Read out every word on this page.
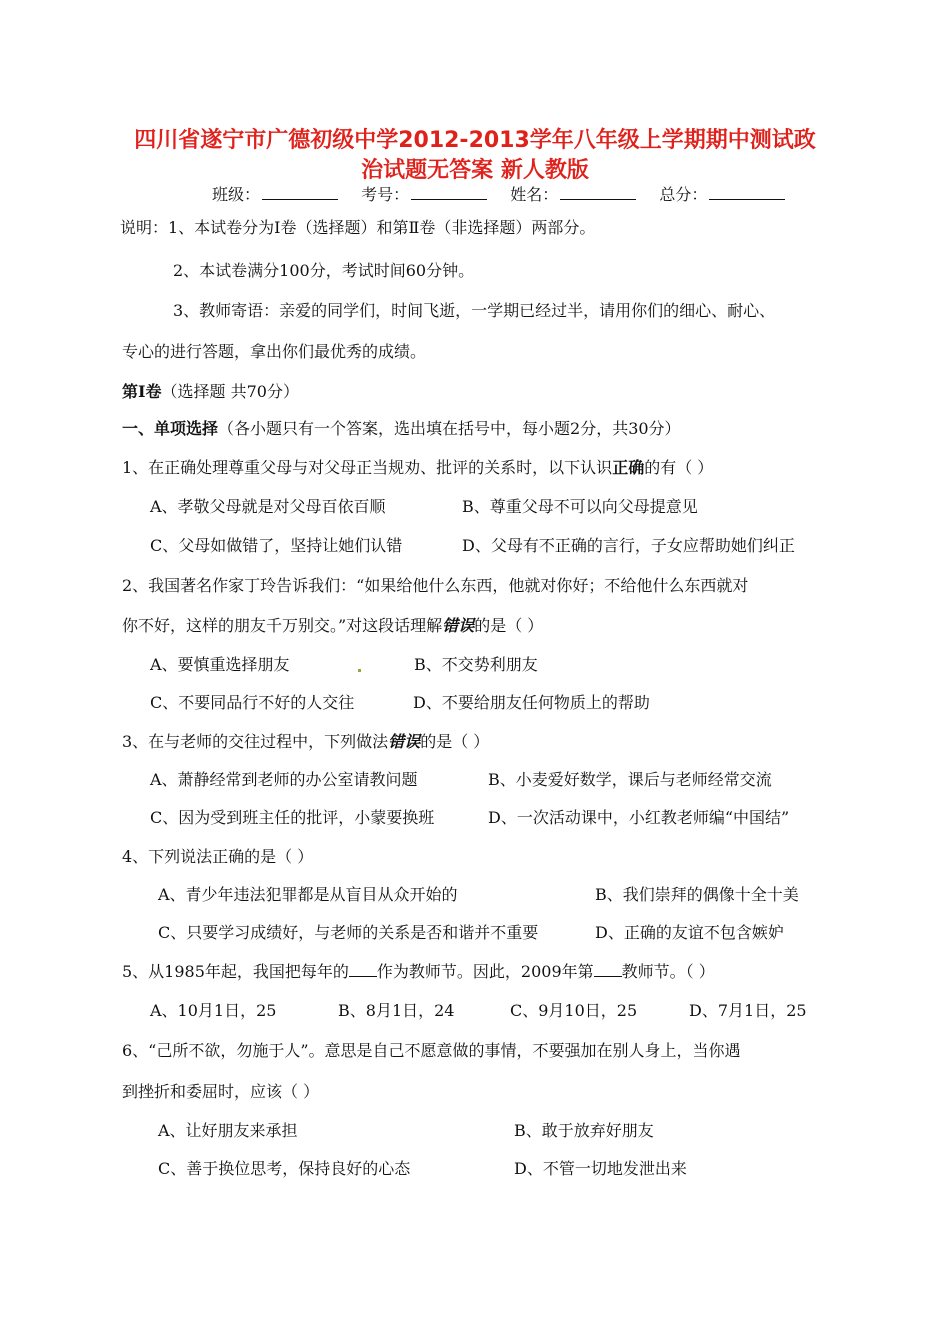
四川省遂宁市广德初级中学2012-2013学年八年级上学期期中测试政
治试题无答案 新人教版
班级：	考号：	姓名：	总分：
说明：1、本试卷分为Ⅰ卷（选择题）和第Ⅱ卷（非选择题）两部分。
2、本试卷满分100分，考试时间60分钟。
3、教师寄语：亲爱的同学们，时间飞逝，一学期已经过半，请用你们的细心、耐心、
专心的进行答题，拿出你们最优秀的成绩。
第Ⅰ卷（选择题 共70分）
一、单项选择（各小题只有一个答案，选出填在括号中，每小题2分，共30分）
1、在正确处理尊重父母与对父母正当规劝、批评的关系时，以下认识正确的有（ ）
A、孝敬父母就是对父母百依百顺	B、尊重父母不可以向父母提意见
C、父母如做错了，坚持让她们认错	D、父母有不正确的言行，子女应帮助她们纠正
2、我国著名作家丁玲告诉我们：“如果给他什么东西，他就对你好；不给他什么东西就对
你不好，这样的朋友千万别交。”对这段话理解错误的是（ ）
A、要慎重选择朋友	B、不交势利朋友
C、不要同品行不好的人交往	D、不要给朋友任何物质上的帮助
3、在与老师的交往过程中，下列做法错误的是（ ）
A、萧静经常到老师的办公室请教问题	B、小麦爱好数学，课后与老师经常交流
C、因为受到班主任的批评，小蒙要换班	D、一次活动课中，小红教老师编“中国结”
4、下列说法正确的是（ ）
A、青少年违法犯罪都是从盲目从众开始的	B、我们崇拜的偶像十全十美
C、只要学习成绩好，与老师的关系是否和谐并不重要	D、正确的友谊不包含嫉妒
5、从1985年起，我国把每年的 作为教师节。因此，2009年第 教师节。（ ）
A、10月1日，25	B、8月1日，24	C、9月10日，25	D、7月1日，25
6、“己所不欲，勿施于人”。意思是自己不愿意做的事情，不要强加在别人身上，当你遇
到挫折和委屈时，应该（ ）
A、让好朋友来承担	B、敢于放弃好朋友
C、善于换位思考，保持良好的心态	D、不管一切地发泄出来
